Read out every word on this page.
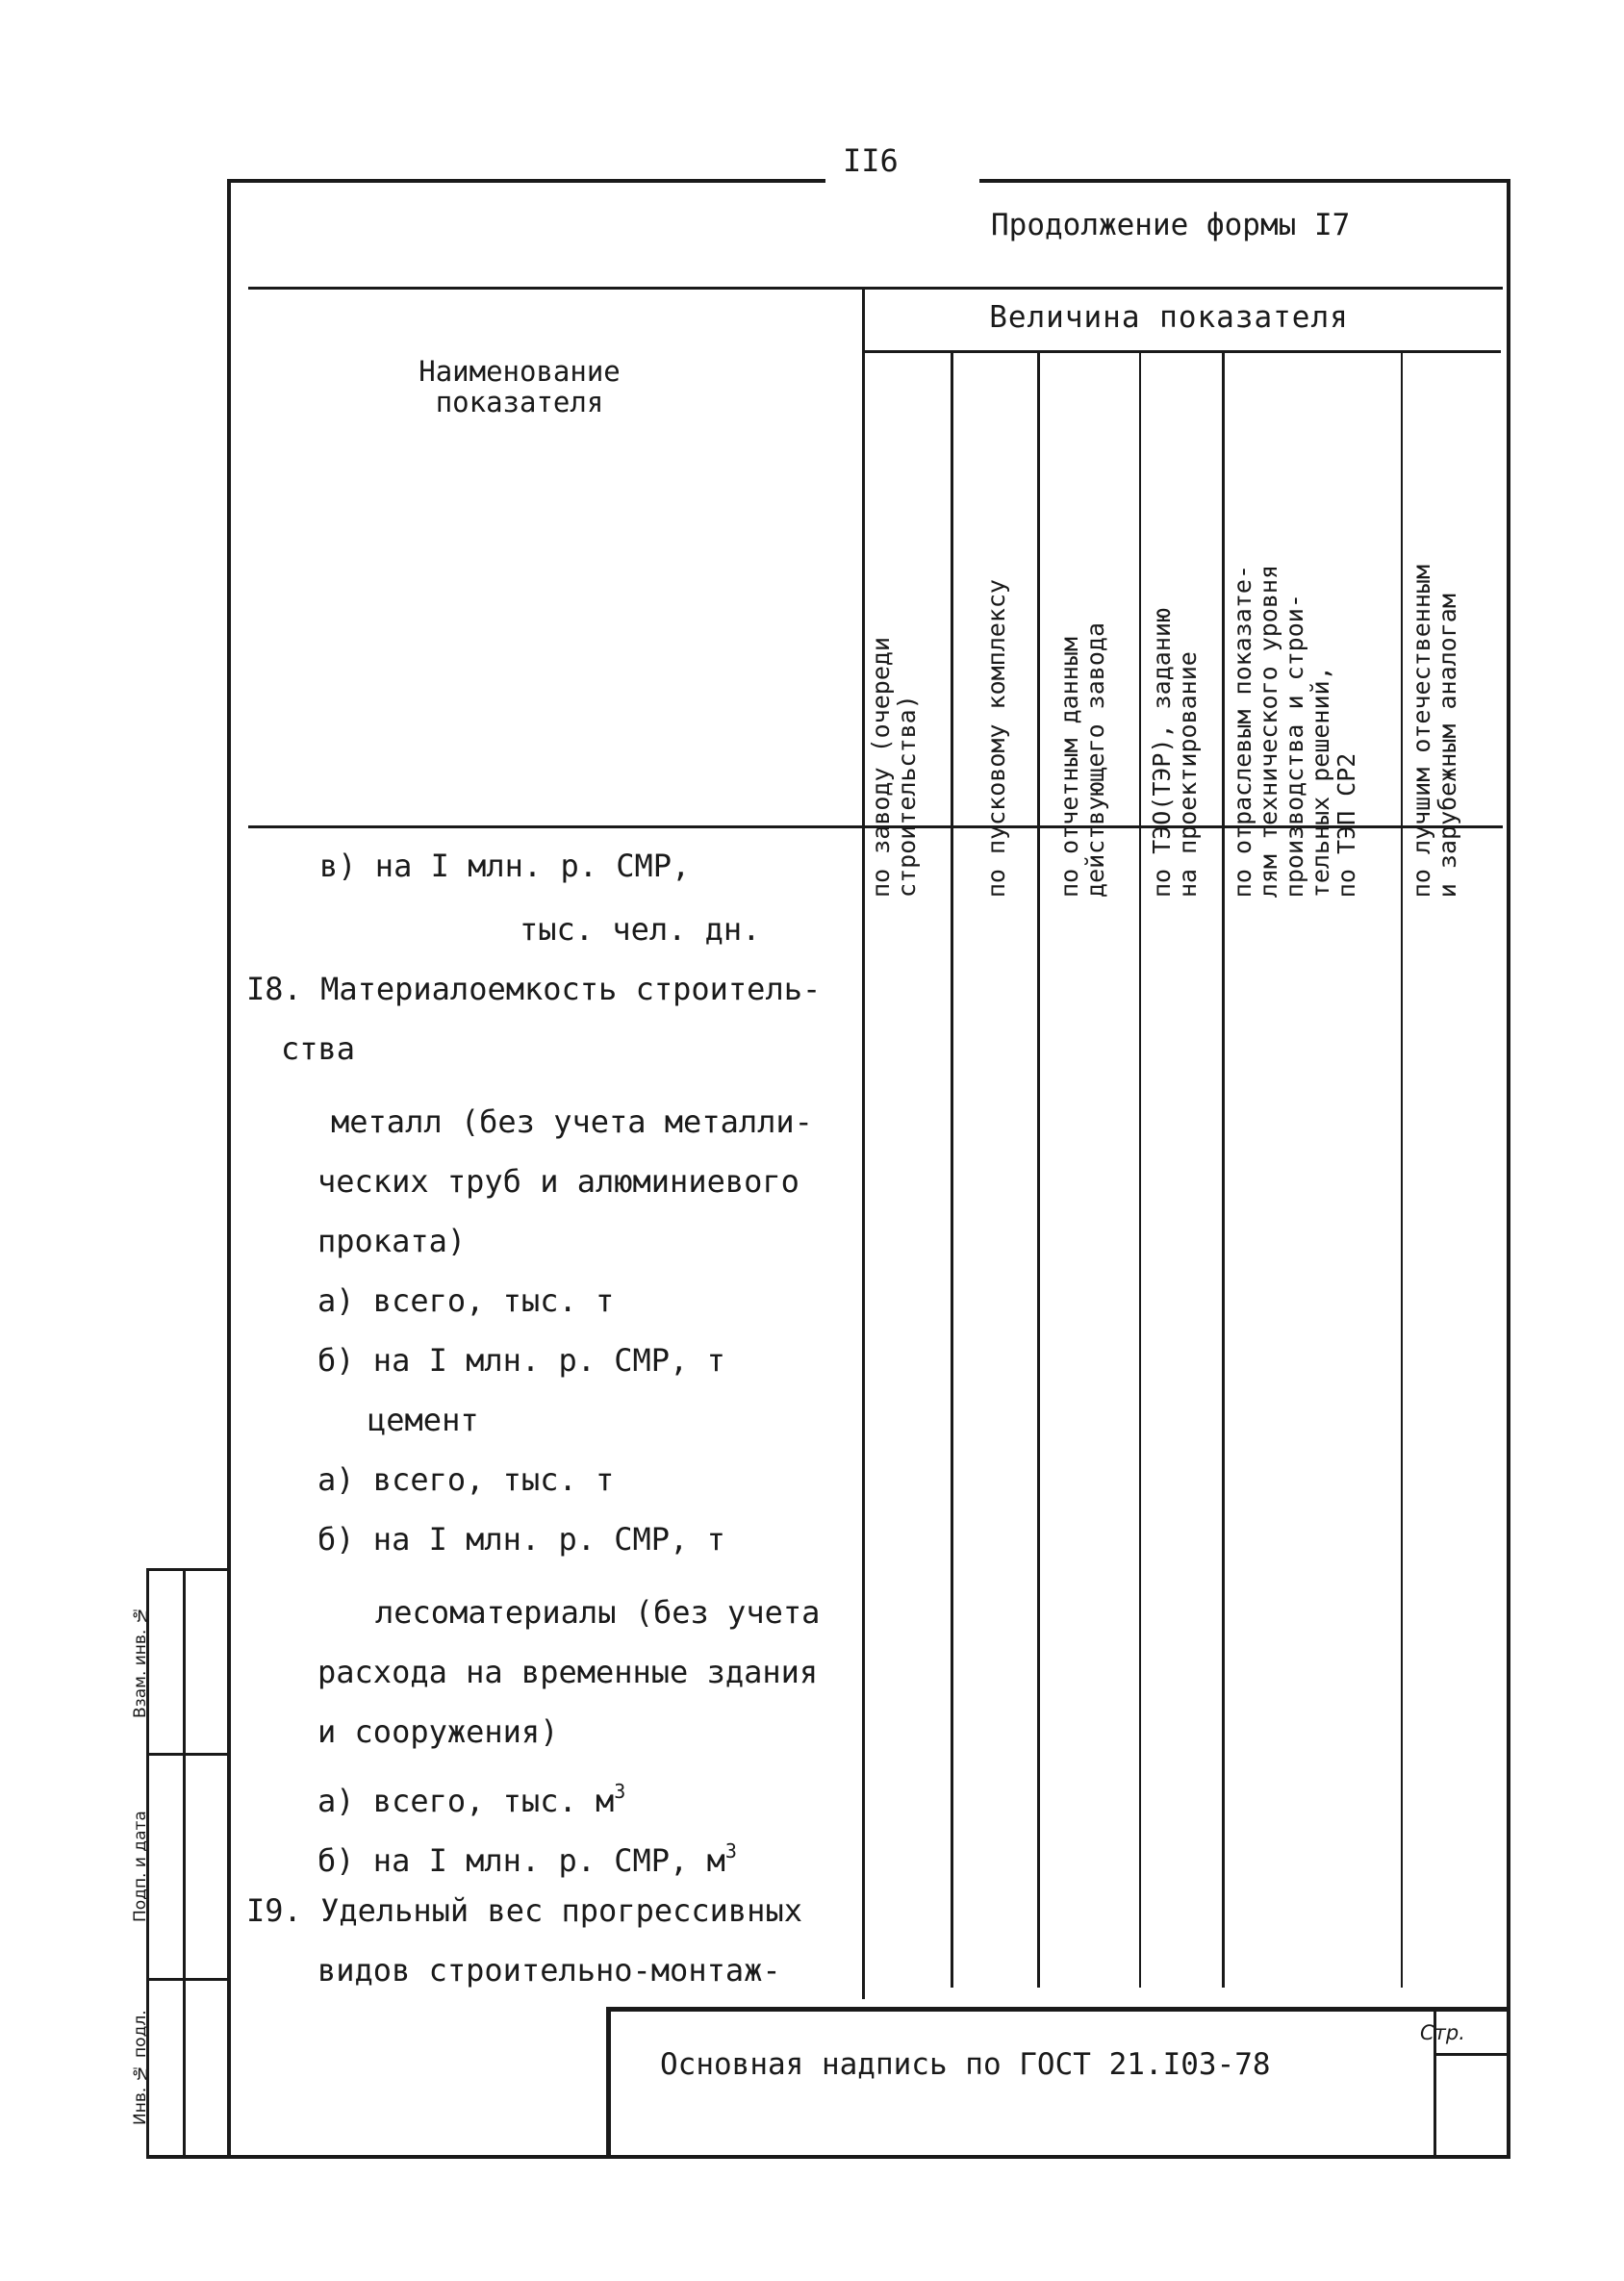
II6
Продолжение формы I7
Наименование
показателя
Величина показателя
по заводу (очереди
строительства)	по пусковому комплексу по отчетным данным
действующего завода
по ТЭО(ТЭР), заданию
на проектирование
по отраслевым показате-
лям технического уровня
производства и строи-
тельных решений,
по ТЭП СР2
по лучшим отечественным
и зарубежным аналогам
в) на I млн. р. СМР,
тыс. чел. дн.
I8. Материалоемкость строитель-
ства
металл (без учета металли-
ческих труб и алюминиевого
проката)
а) всего, тыс. т
б) на I млн. р. СМР, т
цемент
а) всего, тыс. т
б) на I млн. р. СМР, т
лесоматериалы (без учета
расхода на временные здания
и сооружения)
а) всего, тыс. $м^3$
б) на I млн. р. СМР, $м^3$
I9. Удельный вес прогрессивных
видов строительно-монтаж-
Основная надпись по ГОСТ 21.I03-78
Стр.
Взам. инв. №
Подп. и дата
Инв. № подл.
